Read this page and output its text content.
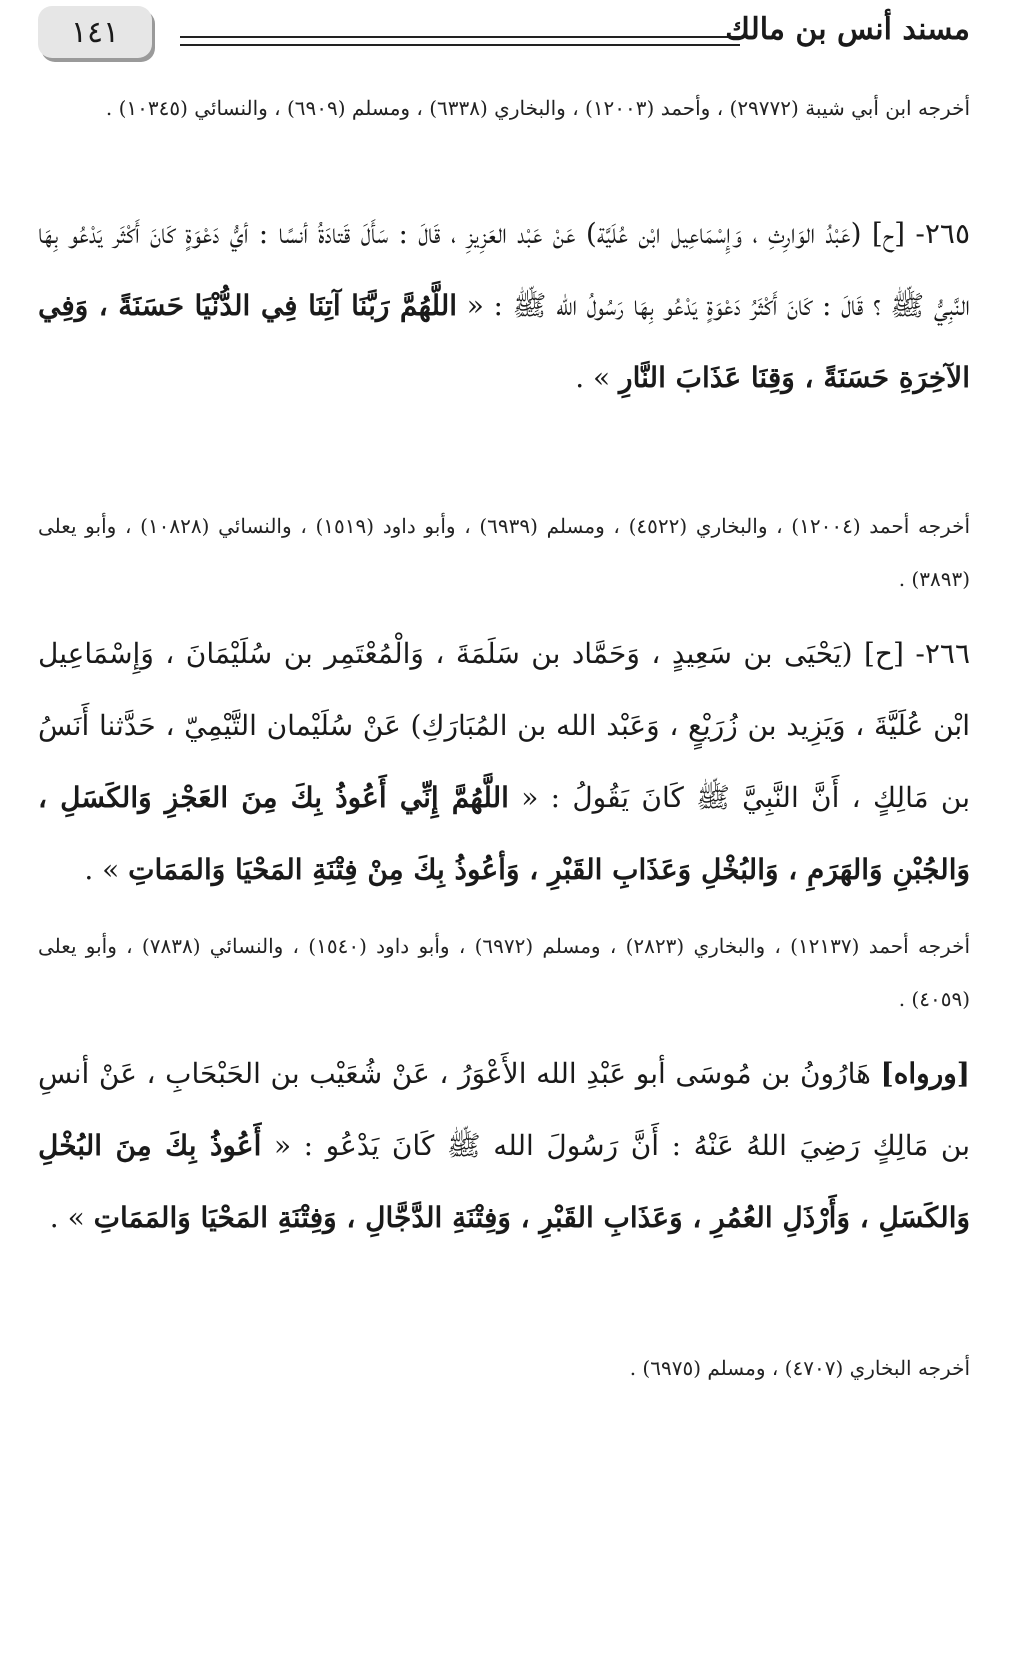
١٤١	مسند أنس بن مالك
أخرجه ابن أبي شيبة (٢٩٧٧٢) ، وأحمد (١٢٠٠٣) ، والبخاري (٦٣٣٨) ، ومسلم (٦٩٠٩) ، والنسائي (١٠٣٤٥) .
٢٦٥- [ح] (عَبْدُ الوَارِثِ ، وَإِسْمَاعِيل ابْن عُلَيَّة) عَنْ عَبْد العَزِيزِ ، قَالَ : سَأَلَ قَتادَةُ أنسًا : أيُّ دَعْوَةٍ كَانَ أَكْثَر يَدْعُو بِهَا النَّبِيُّ ﷺ ؟ قَالَ : كَانَ أَكْثَرُ دَعْوَةٍ يَدْعُو بِهَا رَسُولُ الله ﷺ : « اللَّهُمَّ رَبَّنَا آتِنَا فِي الدُّنْيَا حَسَنَةً ، وَفِي الآخِرَةِ حَسَنَةً ، وَقِنَا عَذَابَ النَّارِ » .
أخرجه أحمد (١٢٠٠٤) ، والبخاري (٤٥٢٢) ، ومسلم (٦٩٣٩) ، وأبو داود (١٥١٩) ، والنسائي (١٠٨٢٨) ، وأبو يعلى (٣٨٩٣) .
٢٦٦- [ح] (يَحْيَى بن سَعِيدٍ ، وَحَمَّاد بن سَلَمَةَ ، وَالْمُعْتَمِر بن سُلَيْمَانَ ، وَإِسْمَاعِيل ابْن عُلَيَّةَ ، وَيَزِيد بن زُرَيْعٍ ، وَعَبْد الله بن المُبَارَكِ) عَنْ سُلَيْمان التَّيْمِيّ ، حَدَّثنا أَنَسُ بن مَالِكٍ ، أَنَّ النَّبِيَّ ﷺ كَانَ يَقُولُ : « اللَّهُمَّ إِنِّي أَعُوذُ بِكَ مِنَ العَجْزِ وَالكَسَلِ ، وَالجُبْنِ وَالهَرَمِ ، وَالبُخْلِ وَعَذَابِ القَبْرِ ، وَأعُوذُ بِكَ مِنْ فِتْنَةِ المَحْيَا وَالمَمَاتِ » .
أخرجه أحمد (١٢١٣٧) ، والبخاري (٢٨٢٣) ، ومسلم (٦٩٧٢) ، وأبو داود (١٥٤٠) ، والنسائي (٧٨٣٨) ، وأبو يعلى (٤٠٥٩) .
[ورواه] هَارُونُ بن مُوسَى أبو عَبْدِ الله الأَعْوَرُ ، عَنْ شُعَيْب بن الحَبْحَابِ ، عَنْ أنسِ بن مَالِكٍ رَضِيَ اللهُ عَنْهُ : أَنَّ رَسُولَ الله ﷺ كَانَ يَدْعُو : « أَعُوذُ بِكَ مِنَ البُخْلِ وَالكَسَلِ ، وَأَرْذَلِ العُمُرِ ، وَعَذَابِ القَبْرِ ، وَفِتْنَةِ الدَّجَّالِ ، وَفِتْنَةِ المَحْيَا وَالمَمَاتِ » .
أخرجه البخاري (٤٧٠٧) ، ومسلم (٦٩٧٥) .
